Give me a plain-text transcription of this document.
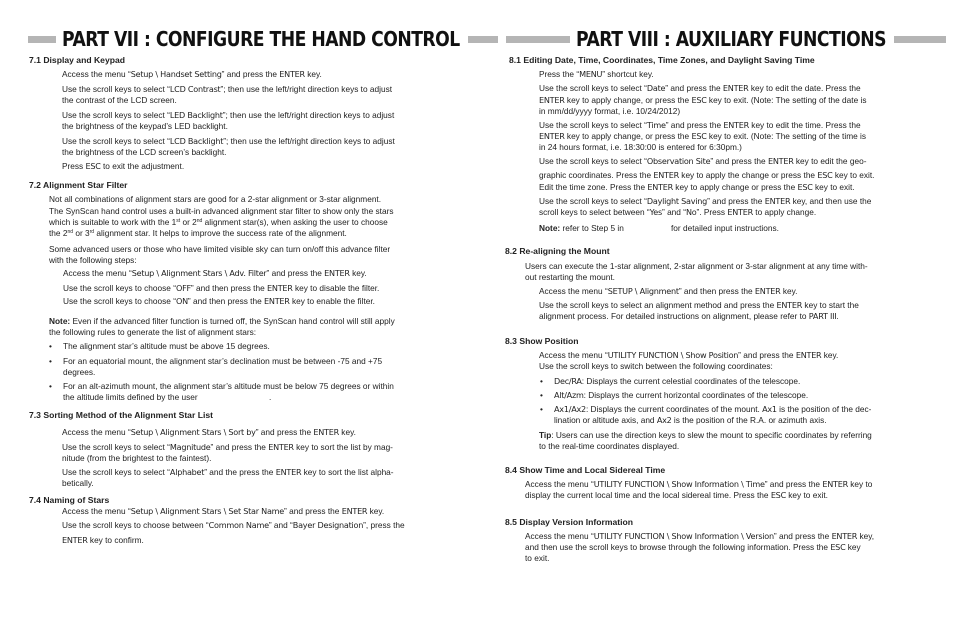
PART VII : CONFIGURE THE HAND CONTROL
7.1 Display and Keypad
Access the menu “Setup \ Handset Setting” and press the ENTER key.
Use the scroll keys to select “LCD Contrast”; then use the left/right direction keys to adjust
the contrast of the LCD screen.
Use the scroll keys to select “LED Backlight”; then use the left/right direction keys to adjust
the brightness of the keypad’s LED backlight.
Use the scroll keys to select “LCD Backlight”; then use the left/right direction keys to adjust
the brightness of the LCD screen’s backlight.
Press ESC to exit the adjustment.
7.2 Alignment Star Filter
Not all combinations of alignment stars are good for a 2-star alignment or 3-star alignment.
The SynScan hand control uses a built-in advanced alignment star filter to show only the stars
which is suitable to work with the 1st or 2nd alignment star(s), when asking the user to choose
the 2nd or 3rd alignment star. It helps to improve the success rate of the alignment.
Some advanced users or those who have limited visible sky can turn on/off this advance filter
with the following steps:
Access the menu “Setup \ Alignment Stars \ Adv. Filter” and press the ENTER key.
Use the scroll keys to choose “OFF” and then press the ENTER key to disable the filter.
Use the scroll keys to choose “ON” and then press the ENTER key to enable the filter.
Note: Even if the advanced filter function is turned off, the SynScan hand control will still apply
the following rules to generate the list of alignment stars:
• The alignment star’s altitude must be above 15 degrees.
• For an equatorial mount, the alignment star’s declination must be between -75 and +75
degrees.
• For an alt-azimuth mount, the alignment star’s altitude must be below 75 degrees or within
the altitude limits defined by the user	.
7.3 Sorting Method of the Alignment Star List
Access the menu “Setup \ Alignment Stars \ Sort by” and press the ENTER key.
Use the scroll keys to select “Magnitude” and press the ENTER key to sort the list by mag-
nitude (from the brightest to the faintest).
Use the scroll keys to select “Alphabet” and the press the ENTER key to sort the list alpha-
betically.
7.4 Naming of Stars
Access the menu “Setup \ Alignment Stars \ Set Star Name” and press the ENTER key.
Use the scroll keys to choose between “Common Name” and “Bayer Designation”, press the
ENTER key to confirm.
PART VIII : AUXILIARY FUNCTIONS
8.1 Editing Date, Time, Coordinates, Time Zones, and Daylight Saving Time
Press the “MENU” shortcut key.
Use the scroll keys to select “Date” and press the ENTER key to edit the date. Press the
ENTER key to apply change, or press the ESC key to exit. (Note: The setting of the date is
in mm/dd/yyyy format, i.e. 10/24/2012)
Use the scroll keys to select “Time” and press the ENTER key to edit the time. Press the
ENTER key to apply change, or press the ESC key to exit. (Note: The setting of the time is
in 24 hours format, i.e. 18:30:00 is entered for 6:30pm.)
Use the scroll keys to select “Observation Site” and press the ENTER key to edit the geo-
graphic coordinates. Press the ENTER key to apply the change or press the ESC key to exit.
Edit the time zone. Press the ENTER key to apply change or press the ESC key to exit.
Use the scroll keys to select “Daylight Saving” and press the ENTER key, and then use the
scroll keys to select between “Yes” and “No”. Press ENTER to apply change.
Note: refer to Step 5 in	for detailed input instructions.
8.2 Re-aligning the Mount
Users can execute the 1-star alignment, 2-star alignment or 3-star alignment at any time with-
out restarting the mount.
Access the menu “SETUP \ Alignment” and then press the ENTER key.
Use the scroll keys to select an alignment method and press the ENTER key to start the
alignment process. For detailed instructions on alignment, please refer to PART III.
8.3 Show Position
Access the menu “UTILITY FUNCTION \ Show Position” and press the ENTER key.
Use the scroll keys to switch between the following coordinates:
• Dec/RA: Displays the current celestial coordinates of the telescope.
• Alt/Azm: Displays the current horizontal coordinates of the telescope.
• Ax1/Ax2: Displays the current coordinates of the mount. Ax1 is the position of the dec-
lination or altitude axis, and Ax2 is the position of the R.A. or azimuth axis.
Tip: Users can use the direction keys to slew the mount to specific coordinates by referring
to the real-time coordinates displayed.
8.4 Show Time and Local Sidereal Time
Access the menu “UTILITY FUNCTION \ Show Information \ Time” and press the ENTER key to
display the current local time and the local sidereal time. Press the ESC key to exit.
8.5 Display Version Information
Access the menu “UTILITY FUNCTION \ Show Information \ Version” and press the ENTER key,
and then use the scroll keys to browse through the following information. Press the ESC key
to exit.
